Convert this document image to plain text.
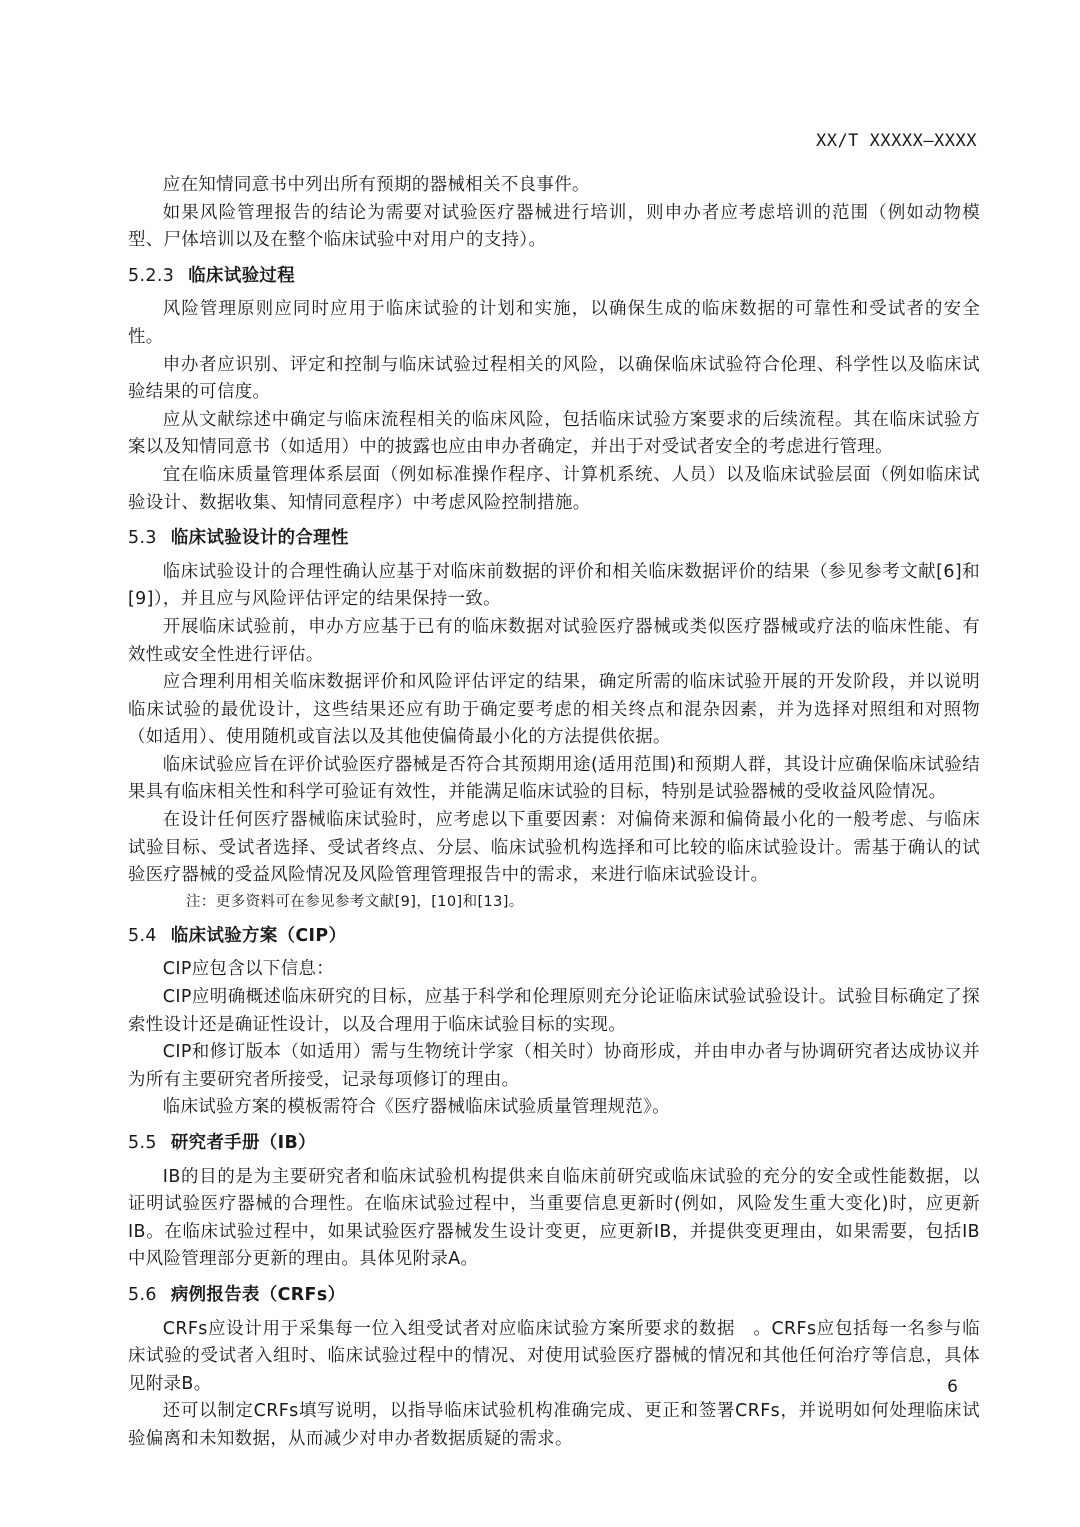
XX/T XXXXX—XXXX

应在知情同意书中列出所有预期的器械相关不良事件。

如果风险管理报告的结论为需要对试验医疗器械进行培训，则申办者应考虑培训的范围（例如动物模型、尸体培训以及在整个临床试验中对用户的支持）。

5.2.3 临床试验过程

风险管理原则应同时应用于临床试验的计划和实施，以确保生成的临床数据的可靠性和受试者的安全性。

申办者应识别、评定和控制与临床试验过程相关的风险，以确保临床试验符合伦理、科学性以及临床试验结果的可信度。

应从文献综述中确定与临床流程相关的临床风险，包括临床试验方案要求的后续流程。其在临床试验方案以及知情同意书（如适用）中的披露也应由申办者确定，并出于对受试者安全的考虑进行管理。

宜在临床质量管理体系层面（例如标准操作程序、计算机系统、人员）以及临床试验层面（例如临床试验设计、数据收集、知情同意程序）中考虑风险控制措施。

5.3 临床试验设计的合理性

临床试验设计的合理性确认应基于对临床前数据的评价和相关临床数据评价的结果（参见参考文献[6]和[9]），并且应与风险评估评定的结果保持一致。

开展临床试验前，申办方应基于已有的临床数据对试验医疗器械或类似医疗器械或疗法的临床性能、有效性或安全性进行评估。

应合理利用相关临床数据评价和风险评估评定的结果，确定所需的临床试验开展的开发阶段，并以说明临床试验的最优设计，这些结果还应有助于确定要考虑的相关终点和混杂因素，并为选择对照组和对照物（如适用）、使用随机或盲法以及其他使偏倚最小化的方法提供依据。

临床试验应旨在评价试验医疗器械是否符合其预期用途(适用范围)和预期人群，其设计应确保临床试验结果具有临床相关性和科学可验证有效性，并能满足临床试验的目标，特别是试验器械的受收益风险情况。

在设计任何医疗器械临床试验时，应考虑以下重要因素：对偏倚来源和偏倚最小化的一般考虑、与临床试验目标、受试者选择、受试者终点、分层、临床试验机构选择和可比较的临床试验设计。需基于确认的试验医疗器械的受益风险情况及风险管理管理报告中的需求，来进行临床试验设计。

注：更多资料可在参见参考文献[9]，[10]和[13]。

5.4 临床试验方案（CIP）

CIP应包含以下信息：

CIP应明确概述临床研究的目标，应基于科学和伦理原则充分论证临床试验试验设计。试验目标确定了探索性设计还是确证性设计，以及合理用于临床试验目标的实现。

CIP和修订版本（如适用）需与生物统计学家（相关时）协商形成，并由申办者与协调研究者达成协议并为所有主要研究者所接受，记录每项修订的理由。

临床试验方案的模板需符合《医疗器械临床试验质量管理规范》。

5.5 研究者手册（IB）

IB的目的是为主要研究者和临床试验机构提供来自临床前研究或临床试验的充分的安全或性能数据，以证明试验医疗器械的合理性。在临床试验过程中，当重要信息更新时(例如，风险发生重大变化)时，应更新IB。在临床试验过程中，如果试验医疗器械发生设计变更，应更新IB，并提供变更理由，如果需要，包括IB中风险管理部分更新的理由。具体见附录A。

5.6 病例报告表（CRFs）

CRFs应设计用于采集每一位入组受试者对应临床试验方案所要求的数据　。CRFs应包括每一名参与临床试验的受试者入组时、临床试验过程中的情况、对使用试验医疗器械的情况和其他任何治疗等信息，具体见附录B。

还可以制定CRFs填写说明，以指导临床试验机构准确完成、更正和签署CRFs，并说明如何处理临床试验偏离和未知数据，从而减少对申办者数据质疑的需求。

6
